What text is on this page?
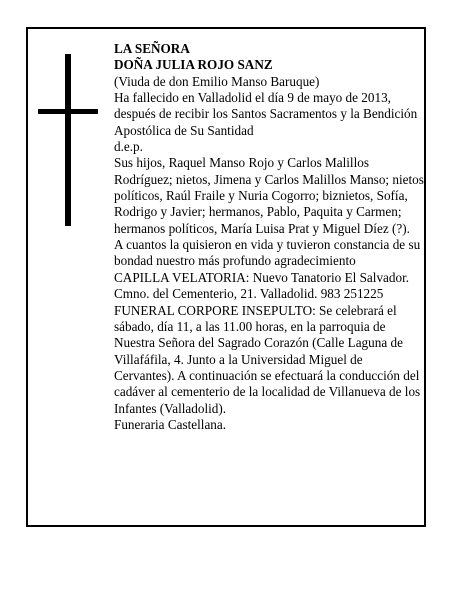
LA SEÑORA

DOÑA JULIA ROJO SANZ

(Viuda de don Emilio Manso Baruque)

Ha fallecido en Valladolid el día 9 de mayo de 2013, después de recibir los Santos Sacramentos y la Bendición Apostólica de Su Santidad

d.e.p.

Sus hijos, Raquel Manso Rojo y Carlos Malillos Rodríguez; nietos, Jimena y Carlos Malillos Manso; nietos políticos, Raúl Fraile y Nuria Cogorro; biznietos, Sofía, Rodrigo y Javier; hermanos, Pablo, Paquita y Carmen; hermanos políticos, María Luisa Prat y Miguel Díez (?).

A cuantos la quisieron en vida y tuvieron constancia de su bondad nuestro más profundo agradecimiento

CAPILLA VELATORIA: Nuevo Tanatorio El Salvador. Cmno. del Cementerio, 21. Valladolid. 983 251225

FUNERAL CORPORE INSEPULTO: Se celebrará el sábado, día 11, a las 11.00 horas, en la parroquia de Nuestra Señora del Sagrado Corazón (Calle Laguna de Villafáfila, 4. Junto a la Universidad Miguel de Cervantes). A continuación se efectuará la conducción del cadáver al cementerio de la localidad de Villanueva de los Infantes (Valladolid).

Funeraria Castellana.
